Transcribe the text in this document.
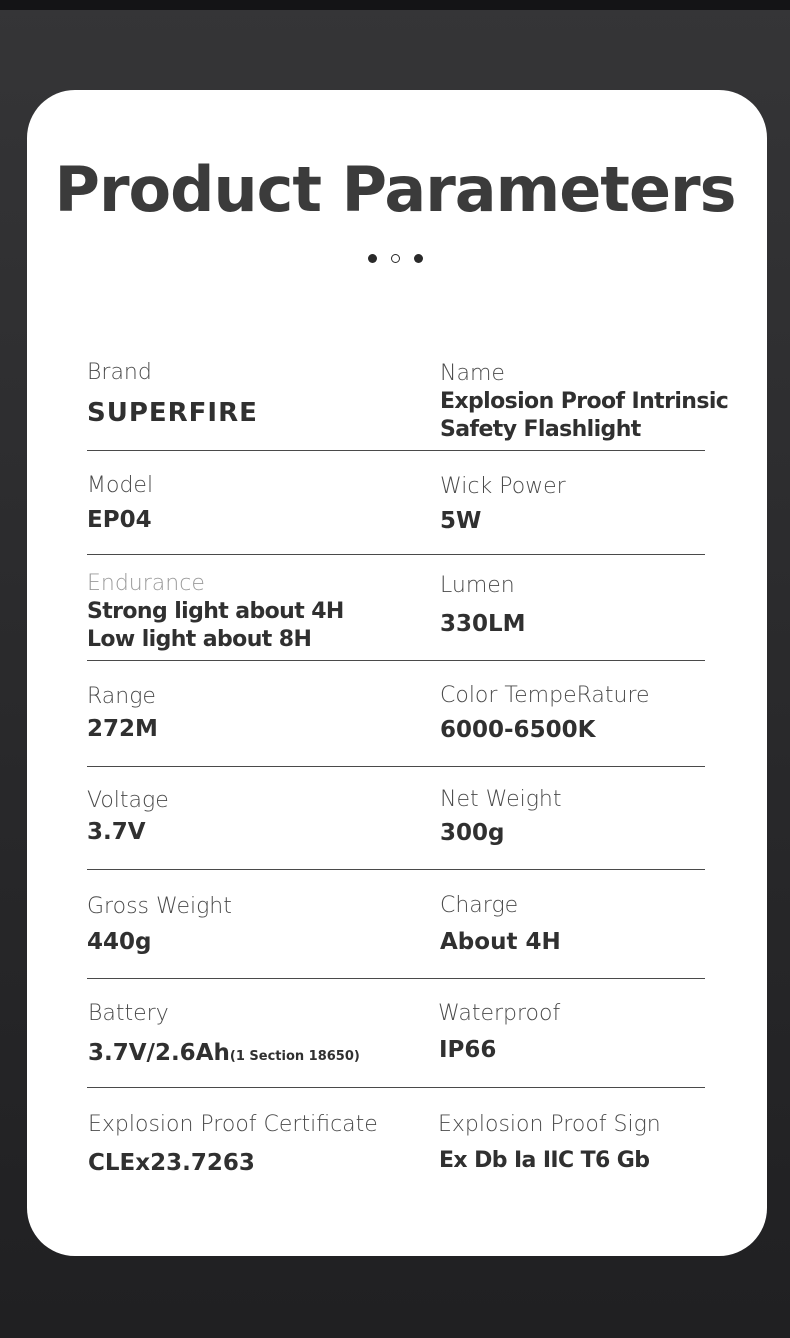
Product Parameters
Brand
SUPERFIRE
Name
Explosion Proof Intrinsic
Safety Flashlight
Model
EP04
Wick Power
5W
Endurance
Strong light about 4H
Low light about 8H
Lumen
330LM
Range
272M
Color TempeRature
6000-6500K
Voltage
3.7V
Net Weight
300g
Gross Weight
440g
Charge
About 4H
Battery
3.7V/2.6Ah(1 Section 18650)
Waterproof
IP66
Explosion Proof Certificate
CLEx23.7263
Explosion Proof Sign
Ex Db Ia IIC T6 Gb
